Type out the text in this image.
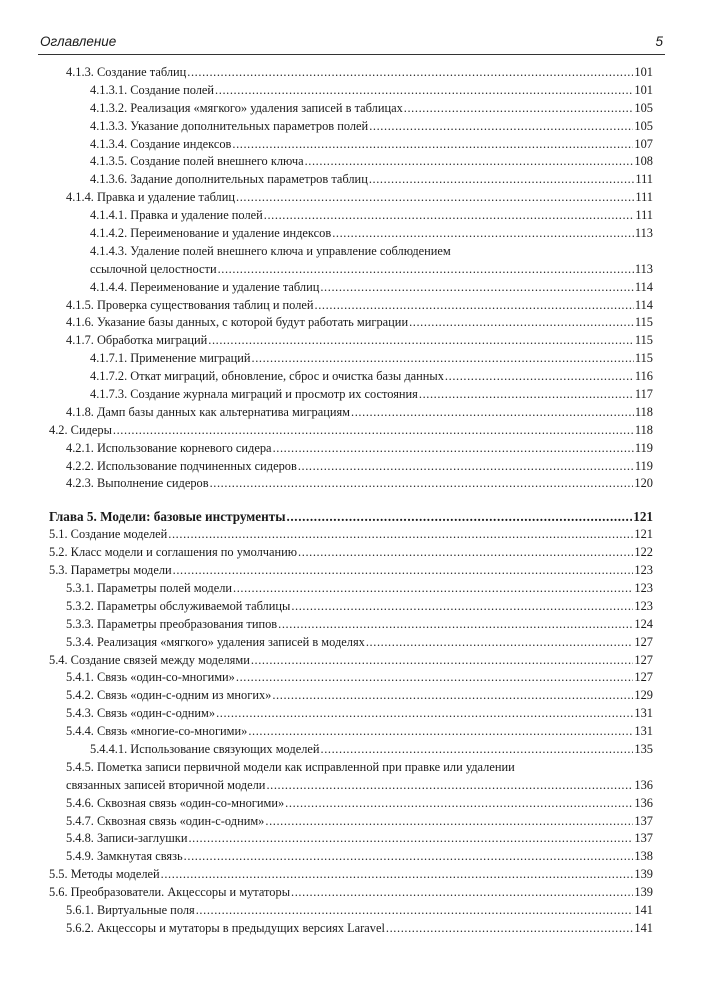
Оглавление	5
4.1.3. Создание таблиц .....	101
4.1.3.1. Создание полей .....	101
4.1.3.2. Реализация «мягкого» удаления записей в таблицах .....	105
4.1.3.3. Указание дополнительных параметров полей .....	105
4.1.3.4. Создание индексов .....	107
4.1.3.5. Создание полей внешнего ключа .....	108
4.1.3.6. Задание дополнительных параметров таблиц .....	111
4.1.4. Правка и удаление таблиц .....	111
4.1.4.1. Правка и удаление полей .....	111
4.1.4.2. Переименование и удаление индексов .....	113
4.1.4.3. Удаление полей внешнего ключа и управление соблюдением
ссылочной целостности .....	113
4.1.4.4. Переименование и удаление таблиц .....	114
4.1.5. Проверка существования таблиц и полей .....	114
4.1.6. Указание базы данных, с которой будут работать миграции .....	115
4.1.7. Обработка миграций .....	115
4.1.7.1. Применение миграций .....	115
4.1.7.2. Откат миграций, обновление, сброс и очистка базы данных .....	116
4.1.7.3. Создание журнала миграций и просмотр их состояния .....	117
4.1.8. Дамп базы данных как альтернатива миграциям .....	118
4.2. Сидеры .....	118
4.2.1. Использование корневого сидера .....	119
4.2.2. Использование подчиненных сидеров .....	119
4.2.3. Выполнение сидеров .....	120
Глава 5. Модели: базовые инструменты .....	121
5.1. Создание моделей .....	121
5.2. Класс модели и соглашения по умолчанию .....	122
5.3. Параметры модели .....	123
5.3.1. Параметры полей модели .....	123
5.3.2. Параметры обслуживаемой таблицы .....	123
5.3.3. Параметры преобразования типов .....	124
5.3.4. Реализация «мягкого» удаления записей в моделях .....	127
5.4. Создание связей между моделями .....	127
5.4.1. Связь «один-со-многими» .....	127
5.4.2. Связь «один-с-одним из многих» .....	129
5.4.3. Связь «один-с-одним» .....	131
5.4.4. Связь «многие-со-многими» .....	131
5.4.4.1. Использование связующих моделей .....	135
5.4.5. Пометка записи первичной модели как исправленной при правке или удалении
связанных записей вторичной модели .....	136
5.4.6. Сквозная связь «один-со-многими» .....	136
5.4.7. Сквозная связь «один-с-одним» .....	137
5.4.8. Записи-заглушки .....	137
5.4.9. Замкнутая связь .....	138
5.5. Методы моделей .....	139
5.6. Преобразователи. Акцессоры и мутаторы .....	139
5.6.1. Виртуальные поля .....	141
5.6.2. Акцессоры и мутаторы в предыдущих версиях Laravel .....	141
